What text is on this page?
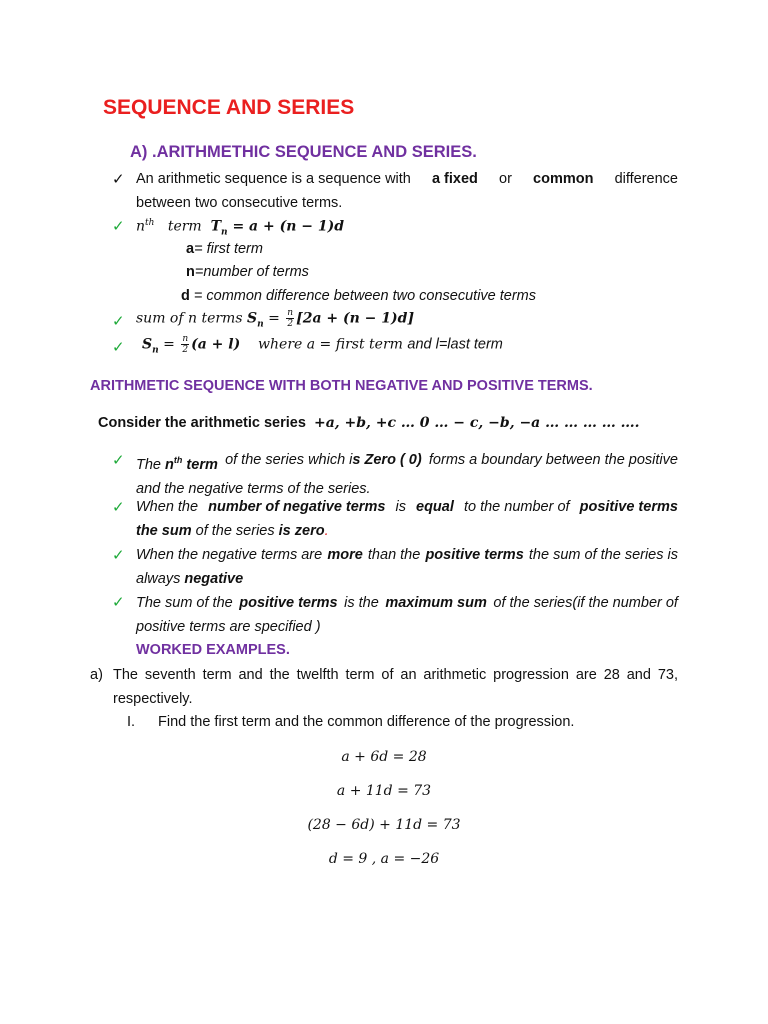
SEQUENCE AND SERIES
A) .ARITHMETHIC SEQUENCE AND SERIES.
✓ An arithmetic sequence is a sequence with a fixed or common difference
between two consecutive terms.
✓ $n^{th}$ term $T_n = a + (n - 1)d$
a= first term
n=number of terms
d = common difference between two consecutive terms
✓ sum of n terms $S_n = \frac{n}{2} [2a + (n - 1)d]$
✓ $S_n = \frac{n}{2} (a + l)$ where a = first term and l=last term
ARITHMETIC SEQUENCE WITH BOTH NEGATIVE AND POSITIVE TERMS.
Consider the arithmetic series +a, +b, +c … 0 … − c, −b, −a … … … … ….
✓ The $n^{th}$ term of the series which is Zero ( 0) forms a boundary between the positive
and the negative terms of the series.
✓ When the number of negative terms is equal to the number of positive terms
the sum of the series is zero.
✓ When the negative terms are more than the positive terms the sum of the series is
always negative
✓ The sum of the positive terms is the maximum sum of the series(if the number of
positive terms are specified )
WORKED EXAMPLES.
a) The seventh term and the twelfth term of an arithmetic progression are 28 and 73,
respectively.
I. Find the first term and the common difference of the progression.
a + 6d = 28
a + 11d = 73
(28 − 6d) + 11d = 73
d = 9 , a = −26
